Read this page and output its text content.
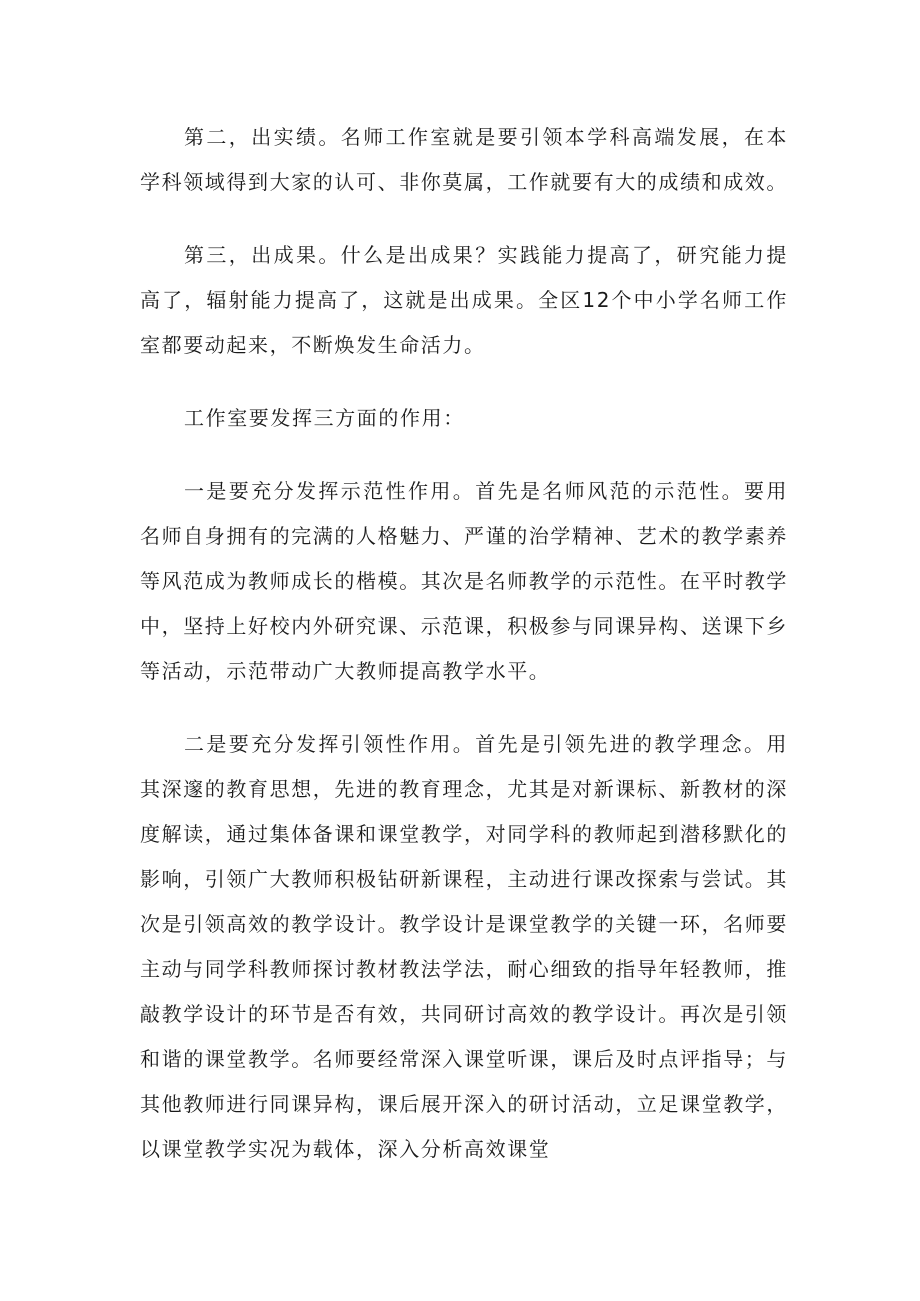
第二，出实绩。名师工作室就是要引领本学科高端发展，在本学科领域得到大家的认可、非你莫属，工作就要有大的成绩和成效。

第三，出成果。什么是出成果？实践能力提高了，研究能力提高了，辐射能力提高了，这就是出成果。全区12个中小学名师工作室都要动起来，不断焕发生命活力。

工作室要发挥三方面的作用：

一是要充分发挥示范性作用。首先是名师风范的示范性。要用名师自身拥有的完满的人格魅力、严谨的治学精神、艺术的教学素养等风范成为教师成长的楷模。其次是名师教学的示范性。在平时教学中，坚持上好校内外研究课、示范课，积极参与同课异构、送课下乡等活动，示范带动广大教师提高教学水平。

二是要充分发挥引领性作用。首先是引领先进的教学理念。用其深邃的教育思想，先进的教育理念，尤其是对新课标、新教材的深度解读，通过集体备课和课堂教学，对同学科的教师起到潜移默化的影响，引领广大教师积极钻研新课程，主动进行课改探索与尝试。其次是引领高效的教学设计。教学设计是课堂教学的关键一环，名师要主动与同学科教师探讨教材教法学法，耐心细致的指导年轻教师，推敲教学设计的环节是否有效，共同研讨高效的教学设计。再次是引领和谐的课堂教学。名师要经常深入课堂听课，课后及时点评指导；与其他教师进行同课异构，课后展开深入的研讨活动，立足课堂教学，以课堂教学实况为载体，深入分析高效课堂
